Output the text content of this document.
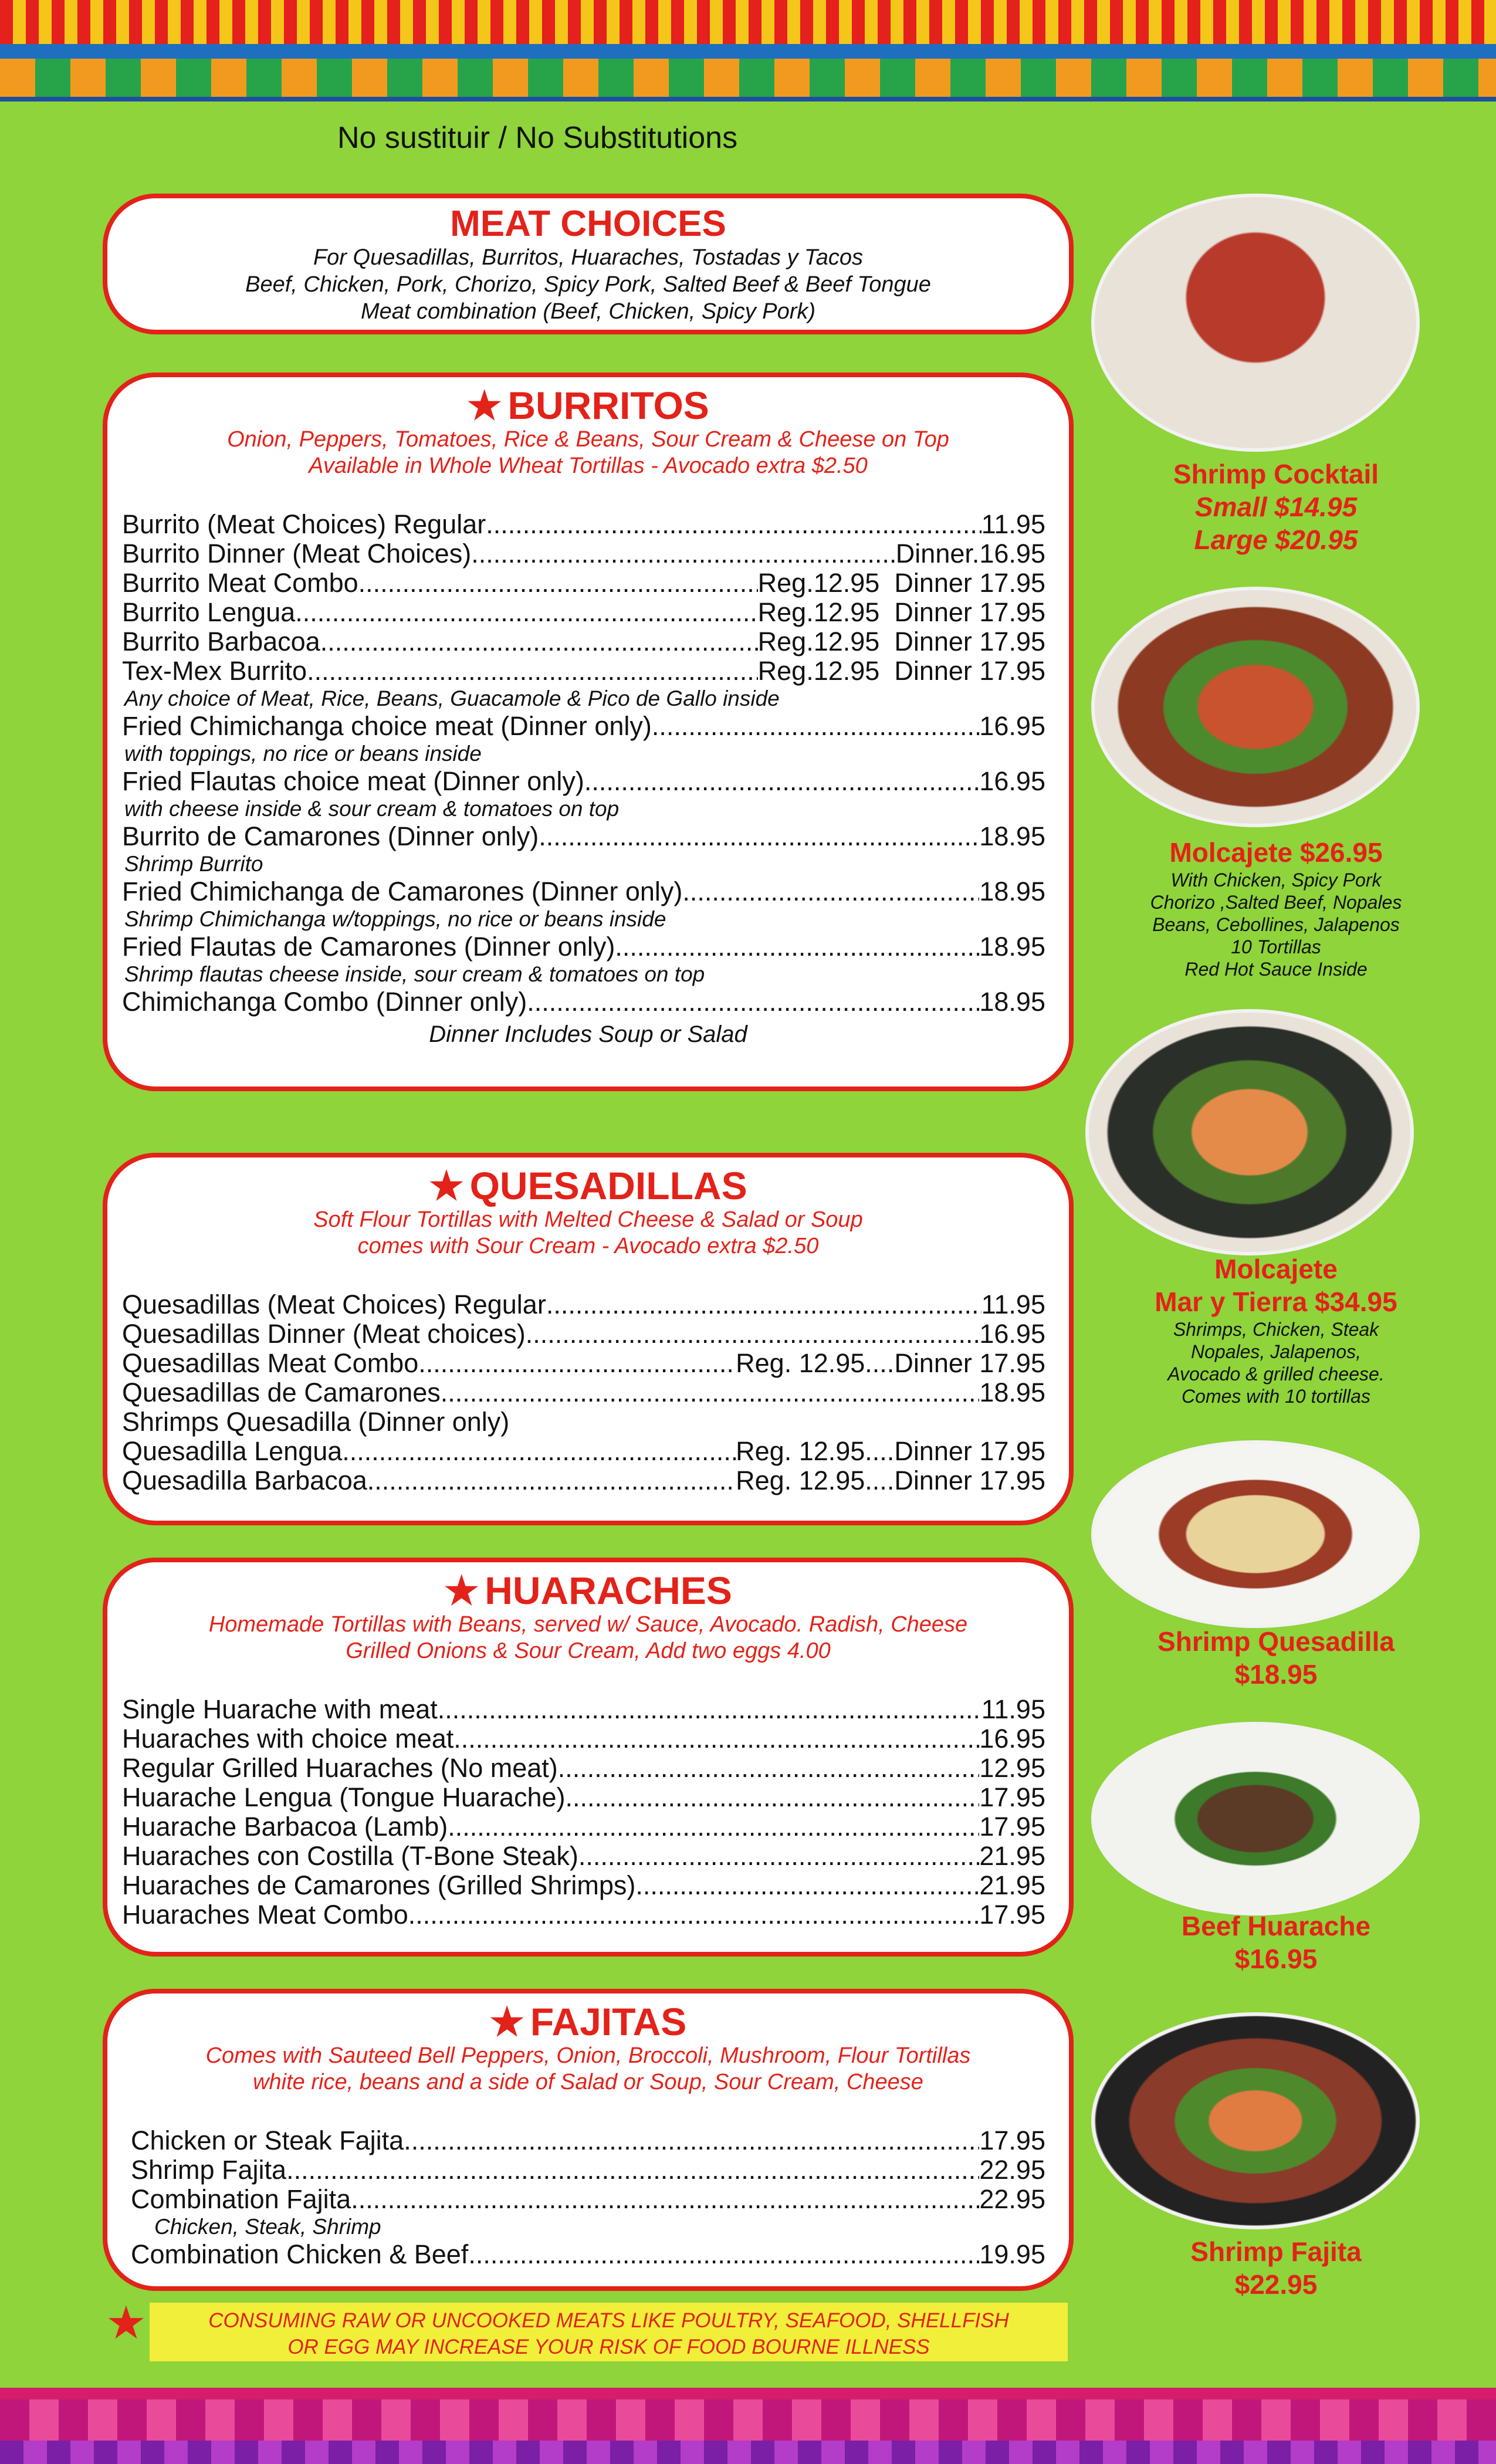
No sustituir / No Substitutions
MEAT CHOICES
For Quesadillas, Burritos, Huaraches, Tostadas y Tacos
Beef, Chicken, Pork, Chorizo, Spicy Pork, Salted Beef & Beef Tongue
Meat combination (Beef, Chicken, Spicy Pork)
★ BURRITOS
Onion, Peppers, Tomatoes, Rice & Beans, Sour Cream & Cheese on Top
Available in Whole Wheat Tortillas - Avocado extra $2.50
Burrito (Meat Choices) Regular .....	11.95
Burrito Dinner (Meat Choices) .....	Dinner.16.95
Burrito Meat Combo .....	Reg.12.95  Dinner 17.95
Burrito Lengua .....	Reg.12.95  Dinner 17.95
Burrito Barbacoa .....	Reg.12.95  Dinner 17.95
Tex-Mex Burrito .....	Reg.12.95  Dinner 17.95
Any choice of Meat, Rice, Beans, Guacamole & Pico de Gallo inside
Fried Chimichanga choice meat (Dinner only) .....	16.95
with toppings, no rice or beans inside
Fried Flautas choice meat (Dinner only) .....	16.95
with cheese inside & sour cream & tomatoes on top
Burrito de Camarones (Dinner only) .....	18.95
Shrimp Burrito
Fried Chimichanga de Camarones (Dinner only) .....	18.95
Shrimp Chimichanga w/toppings, no rice or beans inside
Fried Flautas de Camarones (Dinner only) .....	18.95
Shrimp flautas cheese inside, sour cream & tomatoes on top
Chimichanga Combo (Dinner only) .....	18.95
Dinner Includes Soup or Salad
★ QUESADILLAS
Soft Flour Tortillas with Melted Cheese & Salad or Soup
comes with Sour Cream - Avocado extra $2.50
Quesadillas (Meat Choices) Regular .....	11.95
Quesadillas Dinner (Meat choices) .....	16.95
Quesadillas Meat Combo .....	Reg. 12.95....Dinner 17.95
Quesadillas de Camarones .....	18.95
Shrimps Quesadilla (Dinner only)
Quesadilla Lengua .....	Reg. 12.95....Dinner 17.95
Quesadilla Barbacoa .....	Reg. 12.95....Dinner 17.95
★ HUARACHES
Homemade Tortillas with Beans, served w/ Sauce, Avocado. Radish, Cheese
Grilled Onions & Sour Cream, Add two eggs 4.00
Single Huarache with meat .....	11.95
Huaraches with choice meat .....	16.95
Regular Grilled Huaraches (No meat) .....	12.95
Huarache Lengua (Tongue Huarache) .....	17.95
Huarache Barbacoa (Lamb) .....	17.95
Huaraches con Costilla (T-Bone Steak) .....	21.95
Huaraches de Camarones (Grilled Shrimps) .....	21.95
Huaraches Meat Combo .....	17.95
★ FAJITAS
Comes with Sauteed Bell Peppers, Onion, Broccoli, Mushroom, Flour Tortillas
white rice, beans and a side of Salad or Soup, Sour Cream, Cheese
Chicken or Steak Fajita .....	17.95
Shrimp Fajita .....	22.95
Combination Fajita .....	22.95
Chicken, Steak, Shrimp
Combination Chicken & Beef .....	19.95
★	CONSUMING RAW OR UNCOOKED MEATS LIKE POULTRY, SEAFOOD, SHELLFISH
OR EGG MAY INCREASE YOUR RISK OF FOOD BOURNE ILLNESS
Shrimp Cocktail
Small $14.95
Large $20.95
Molcajete $26.95
With Chicken, Spicy Pork
Chorizo ,Salted Beef, Nopales
Beans, Cebollines, Jalapenos
10 Tortillas
Red Hot Sauce Inside
Molcajete
Mar y Tierra $34.95
Shrimps, Chicken, Steak
Nopales, Jalapenos,
Avocado & grilled cheese.
Comes with 10 tortillas
Shrimp Quesadilla
$18.95
Beef Huarache
$16.95
Shrimp Fajita
$22.95
